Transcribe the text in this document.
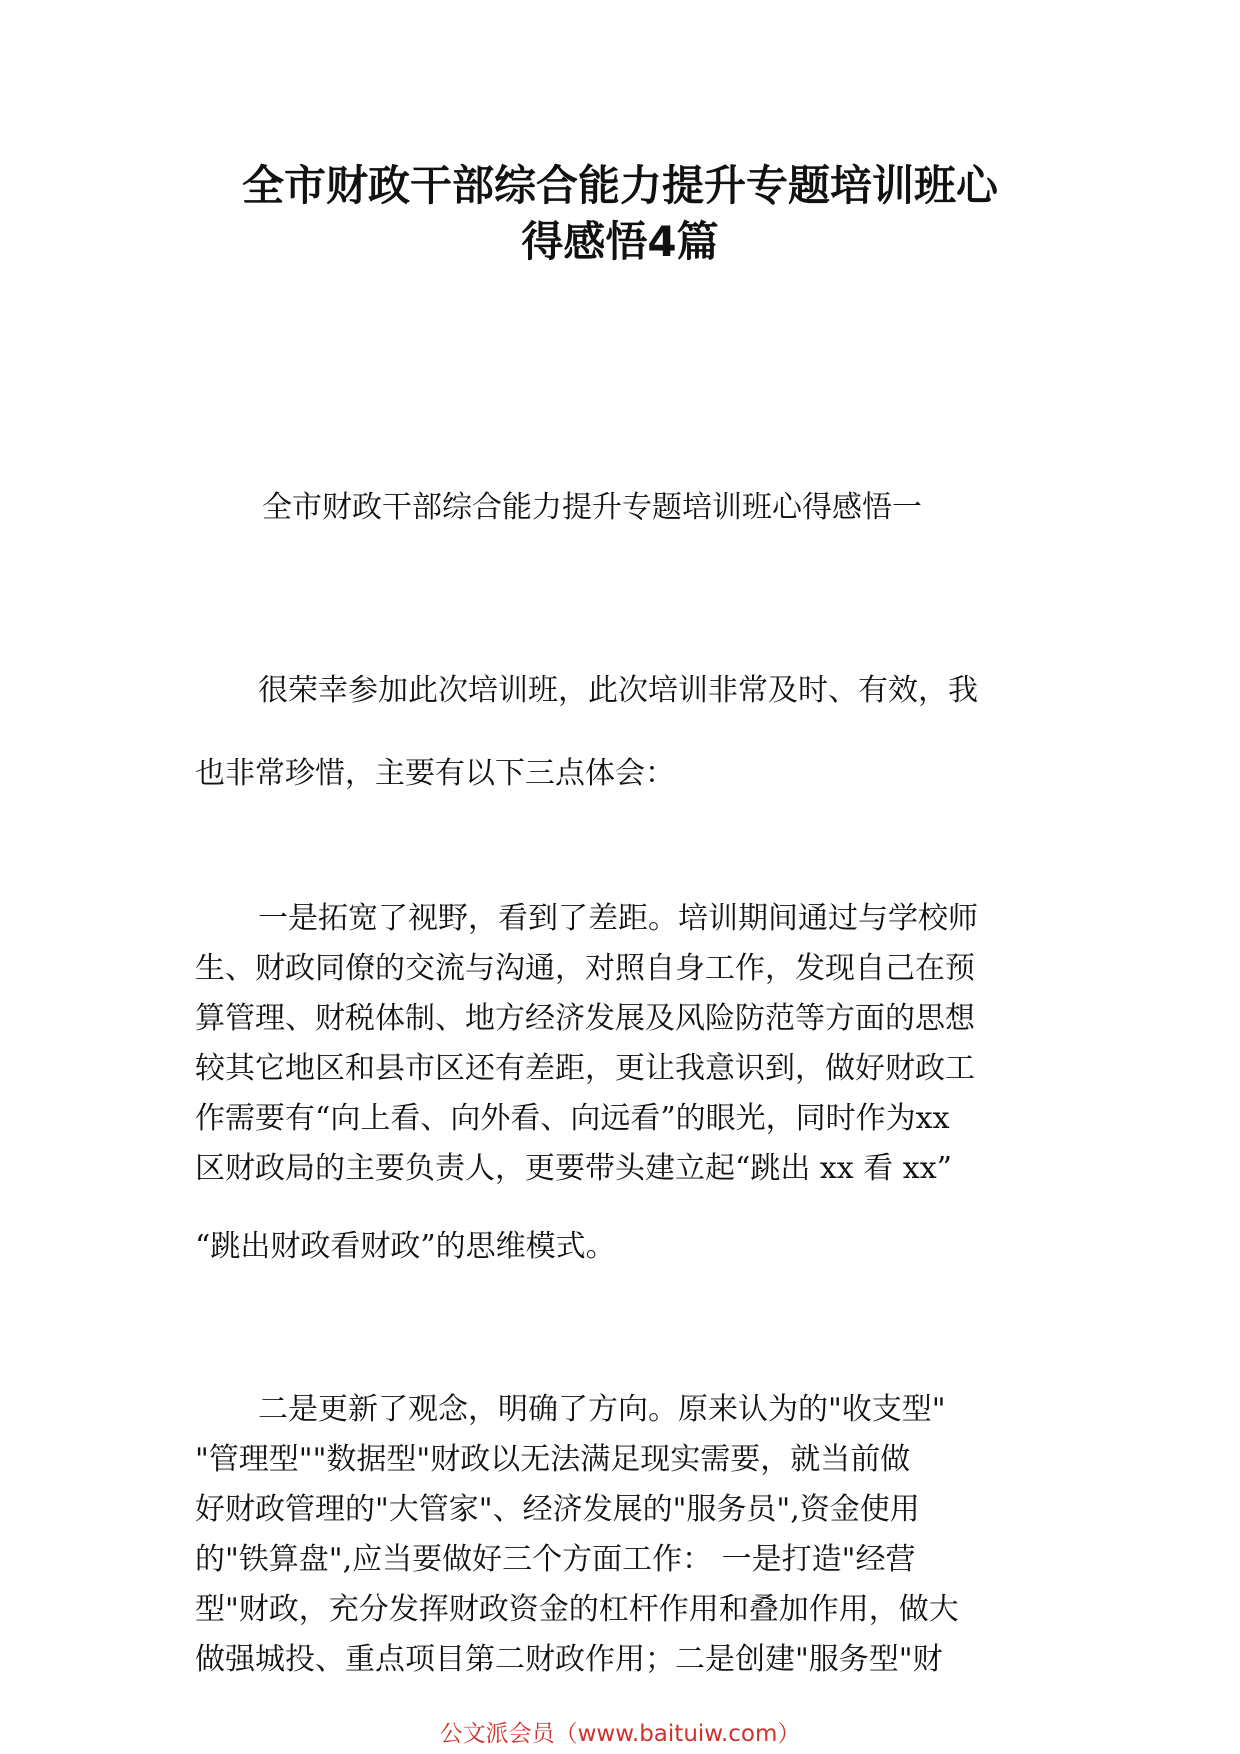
全市财政干部综合能力提升专题培训班心
得感悟4篇

全市财政干部综合能力提升专题培训班心得感悟一

很荣幸参加此次培训班，此次培训非常及时、有效，我
也非常珍惜，主要有以下三点体会：
一是拓宽了视野，看到了差距。培训期间通过与学校师
生、财政同僚的交流与沟通，对照自身工作，发现自己在预
算管理、财税体制、地方经济发展及风险防范等方面的思想
较其它地区和县市区还有差距，更让我意识到，做好财政工
作需要有“向上看、向外看、向远看”的眼光，同时作为xx
区财政局的主要负责人，更要带头建立起“跳出 xx 看 xx”
“跳出财政看财政”的思维模式。
二是更新了观念，明确了方向。原来认为的"收支型"
"管理型""数据型"财政以无法满足现实需要，就当前做
好财政管理的"大管家"、经济发展的"服务员",资金使用
的"铁算盘",应当要做好三个方面工作： 一是打造"经营
型"财政，充分发挥财政资金的杠杆作用和叠加作用，做大
做强城投、重点项目第二财政作用；二是创建"服务型"财
公文派会员（www.baituiw.com）
